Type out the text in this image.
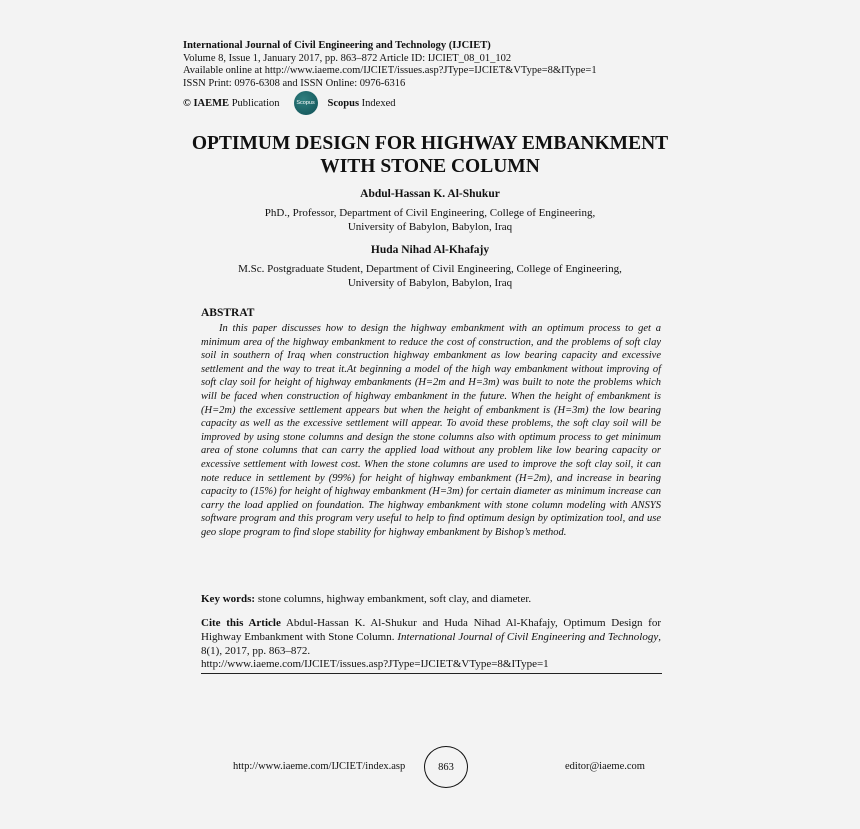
International Journal of Civil Engineering and Technology (IJCIET)
Volume 8, Issue 1, January 2017, pp. 863–872 Article ID: IJCIET_08_01_102
Available online at http://www.iaeme.com/IJCIET/issues.asp?JType=IJCIET&VType=8&IType=1
ISSN Print: 0976-6308 and ISSN Online: 0976-6316
© IAEME Publication	Scopus Scopus Indexed
OPTIMUM DESIGN FOR HIGHWAY EMBANKMENT
WITH STONE COLUMN
Abdul-Hassan K. Al-Shukur
PhD., Professor, Department of Civil Engineering, College of Engineering,
University of Babylon, Babylon, Iraq
Huda Nihad Al-Khafajy
M.Sc. Postgraduate Student, Department of Civil Engineering, College of Engineering,
University of Babylon, Babylon, Iraq
ABSTRAT
In this paper discusses how to design the highway embankment with an optimum process to get a minimum area of the highway embankment to reduce the cost of construction, and the problems of soft clay soil in southern of Iraq when construction highway embankment as low bearing capacity and excessive settlement and the way to treat it.At beginning a model of the high way embankment without improving of soft clay soil for height of highway embankments (H=2m and H=3m) was built to note the problems which will be faced when construction of highway embankment in the future. When the height of embankment is (H=2m) the excessive settlement appears but when the height of embankment is (H=3m) the low bearing capacity as well as the excessive settlement will appear. To avoid these problems, the soft clay soil will be improved by using stone columns and design the stone columns also with optimum process to get minimum area of stone columns that can carry the applied load without any problem like low bearing capacity or excessive settlement with lowest cost. When the stone columns are used to improve the soft clay soil, it can note reduce in settlement by (99%) for height of highway embankment (H=2m), and increase in bearing capacity to (15%) for height of highway embankment (H=3m) for certain diameter as minimum increase can carry the load applied on foundation. The highway embankment with stone column modeling with ANSYS software program and this program very useful to help to find optimum design by optimization tool, and use geo slope program to find slope stability for highway embankment by Bishop’s method.
Key words: stone columns, highway embankment, soft clay, and diameter.
Cite this Article Abdul-Hassan K. Al-Shukur and Huda Nihad Al-Khafajy, Optimum Design for Highway Embankment with Stone Column. International Journal of Civil Engineering and Technology, 8(1), 2017, pp. 863–872.
http://www.iaeme.com/IJCIET/issues.asp?JType=IJCIET&VType=8&IType=1
http://www.iaeme.com/IJCIET/index.asp	863	editor@iaeme.com
